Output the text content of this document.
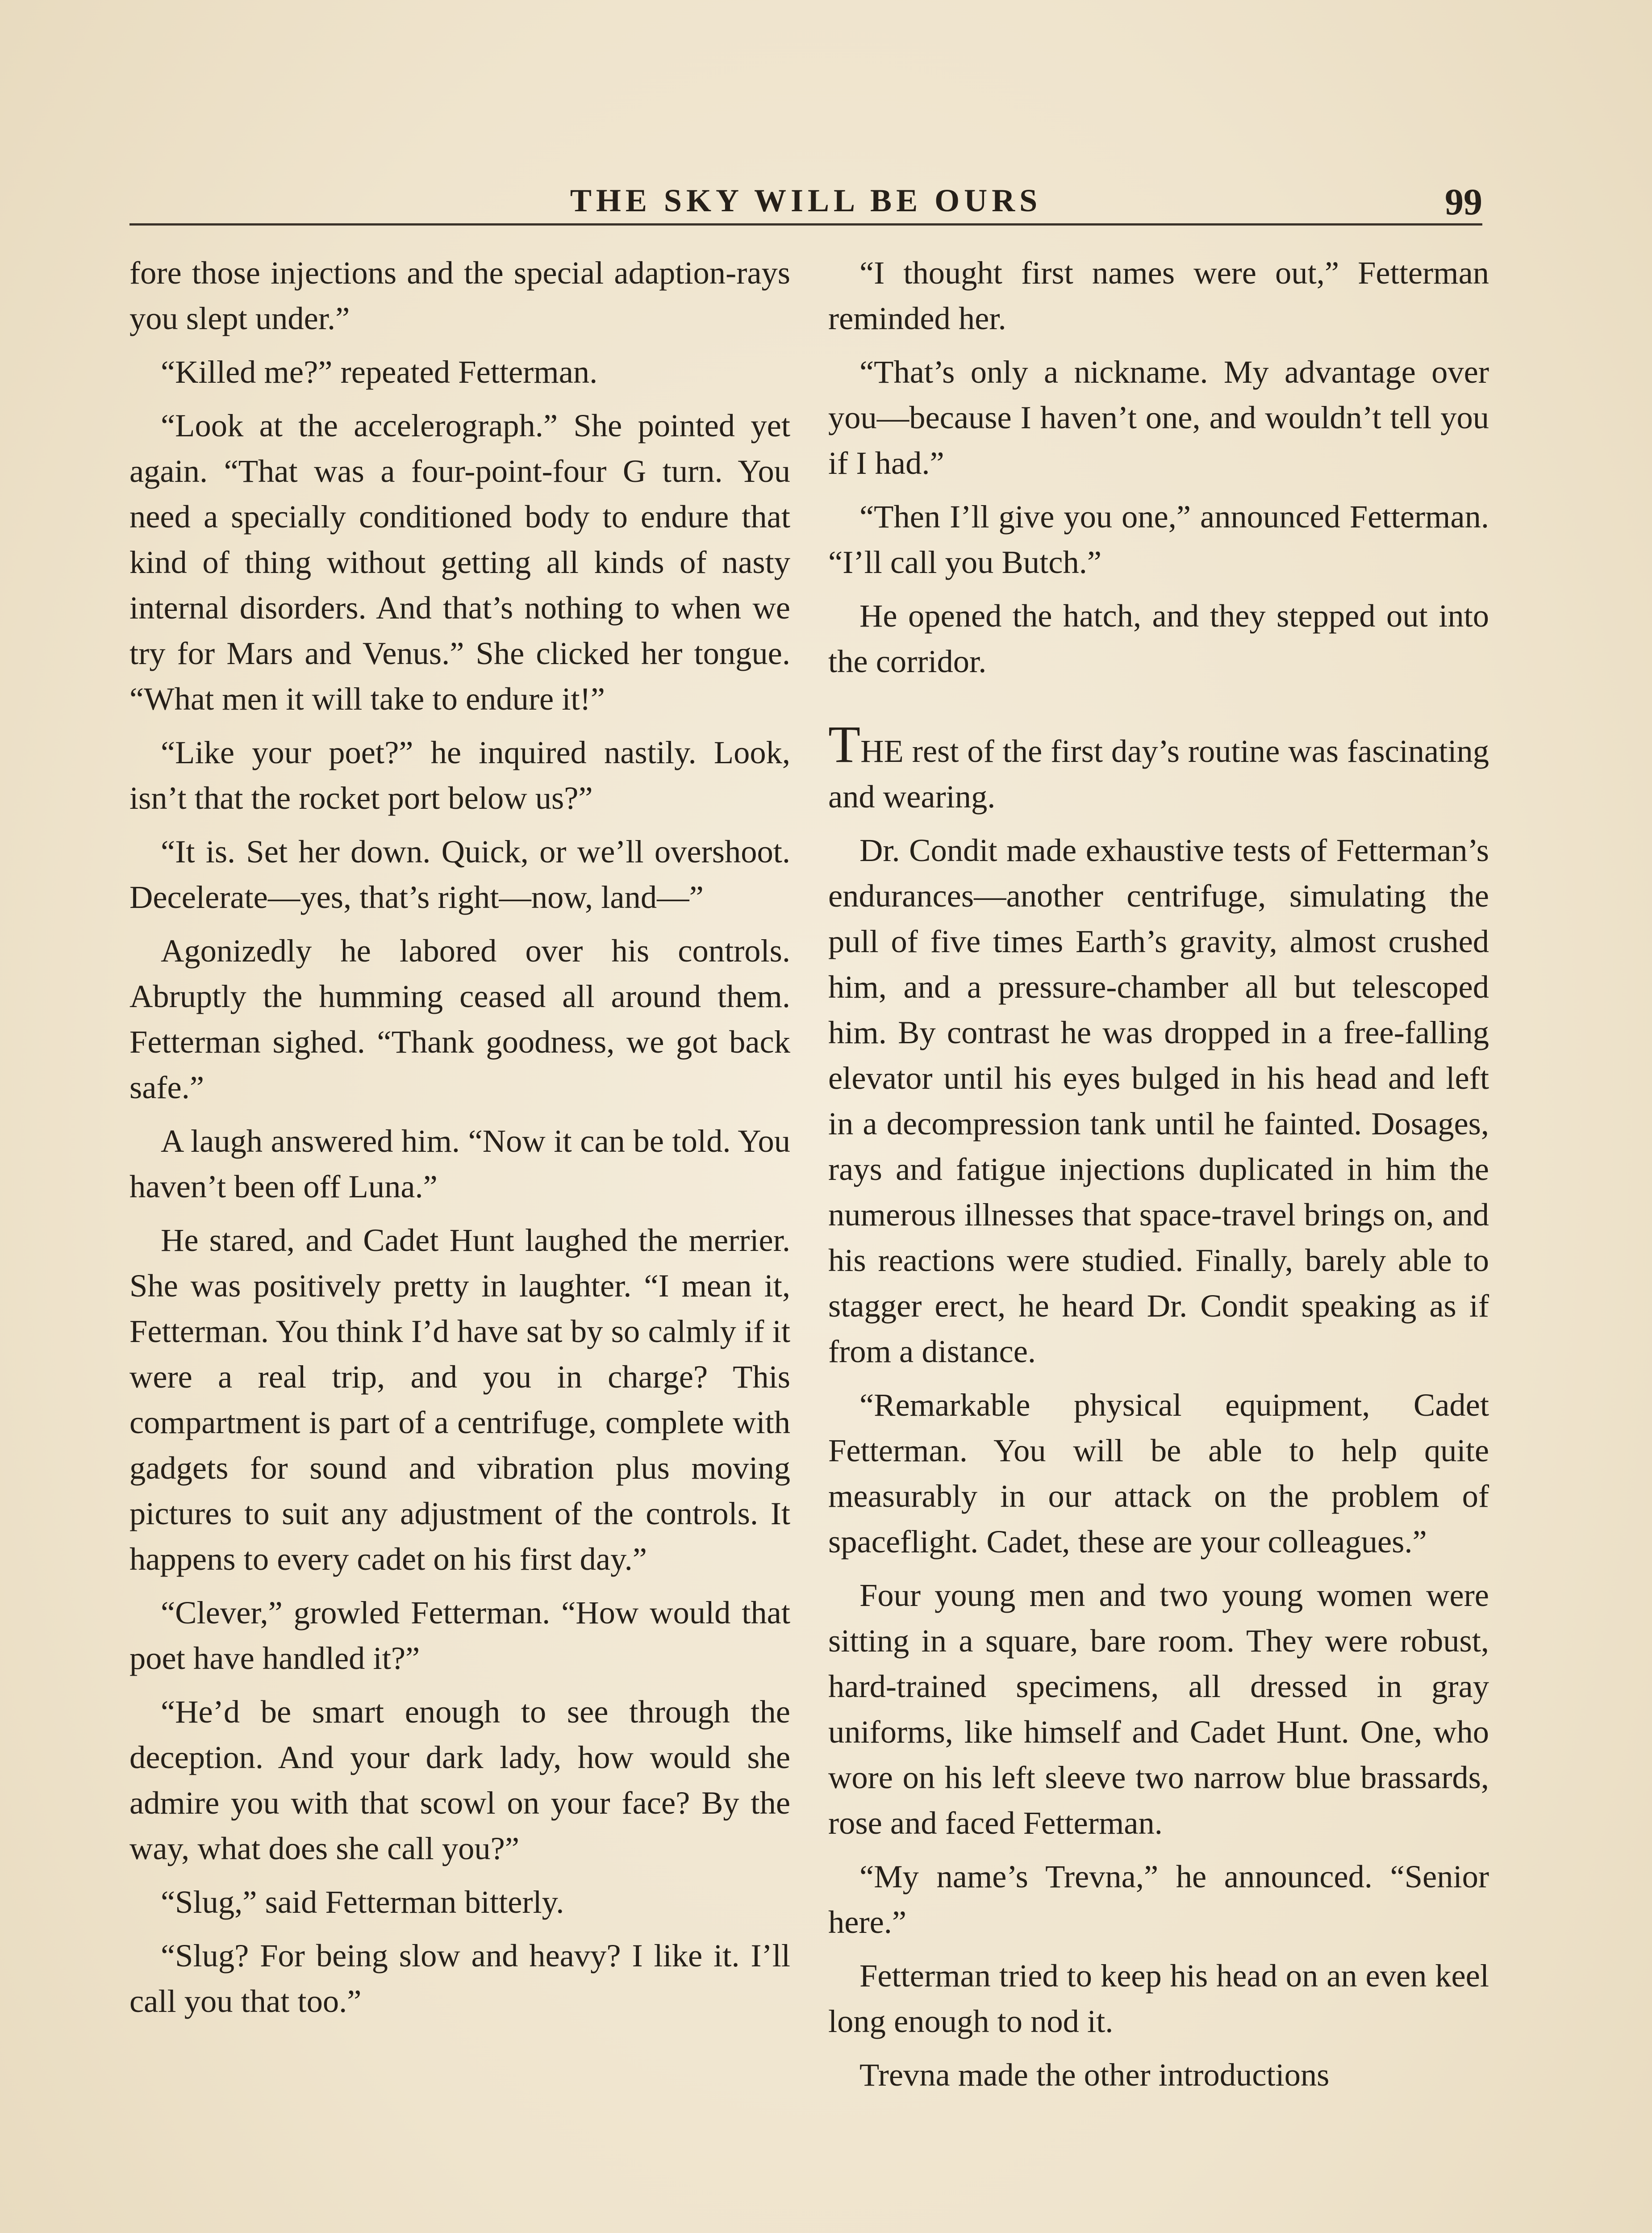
THE SKY WILL BE OURS	99

fore those injections and the special adaption-rays you slept under.”

“Killed me?” repeated Fetterman.

“Look at the accelerograph.” She pointed yet again. “That was a four-point-four G turn. You need a specially conditioned body to endure that kind of thing without getting all kinds of nasty internal disorders. And that’s nothing to when we try for Mars and Venus.” She clicked her tongue. “What men it will take to endure it!”

“Like your poet?” he inquired nastily. Look, isn’t that the rocket port below us?”

“It is. Set her down. Quick, or we’ll overshoot. Decelerate—yes, that’s right—now, land—”

Agonizedly he labored over his controls. Abruptly the humming ceased all around them. Fetterman sighed. “Thank goodness, we got back safe.”

A laugh answered him. “Now it can be told. You haven’t been off Luna.”

He stared, and Cadet Hunt laughed the merrier. She was positively pretty in laughter. “I mean it, Fetterman. You think I’d have sat by so calmly if it were a real trip, and you in charge? This compartment is part of a centrifuge, complete with gadgets for sound and vibration plus moving pictures to suit any adjustment of the controls. It happens to every cadet on his first day.”

“Clever,” growled Fetterman. “How would that poet have handled it?”

“He’d be smart enough to see through the deception. And your dark lady, how would she admire you with that scowl on your face? By the way, what does she call you?”

“Slug,” said Fetterman bitterly.

“Slug? For being slow and heavy? I like it. I’ll call you that too.”

“I thought first names were out,” Fetterman reminded her.

“That’s only a nickname. My advantage over you—because I haven’t one, and wouldn’t tell you if I had.”

“Then I’ll give you one,” announced Fetterman. “I’ll call you Butch.”

He opened the hatch, and they stepped out into the corridor.

THE rest of the first day’s routine was fascinating and wearing.

Dr. Condit made exhaustive tests of Fetterman’s endurances—another centrifuge, simulating the pull of five times Earth’s gravity, almost crushed him, and a pressure-chamber all but telescoped him. By contrast he was dropped in a free-falling elevator until his eyes bulged in his head and left in a decompression tank until he fainted. Dosages, rays and fatigue injections duplicated in him the numerous illnesses that space-travel brings on, and his reactions were studied. Finally, barely able to stagger erect, he heard Dr. Condit speaking as if from a distance.

“Remarkable physical equipment, Cadet Fetterman. You will be able to help quite measurably in our attack on the problem of spaceflight. Cadet, these are your colleagues.”

Four young men and two young women were sitting in a square, bare room. They were robust, hard-trained specimens, all dressed in gray uniforms, like himself and Cadet Hunt. One, who wore on his left sleeve two narrow blue brassards, rose and faced Fetterman.

“My name’s Trevna,” he announced. “Senior here.”

Fetterman tried to keep his head on an even keel long enough to nod it.

Trevna made the other introductions
